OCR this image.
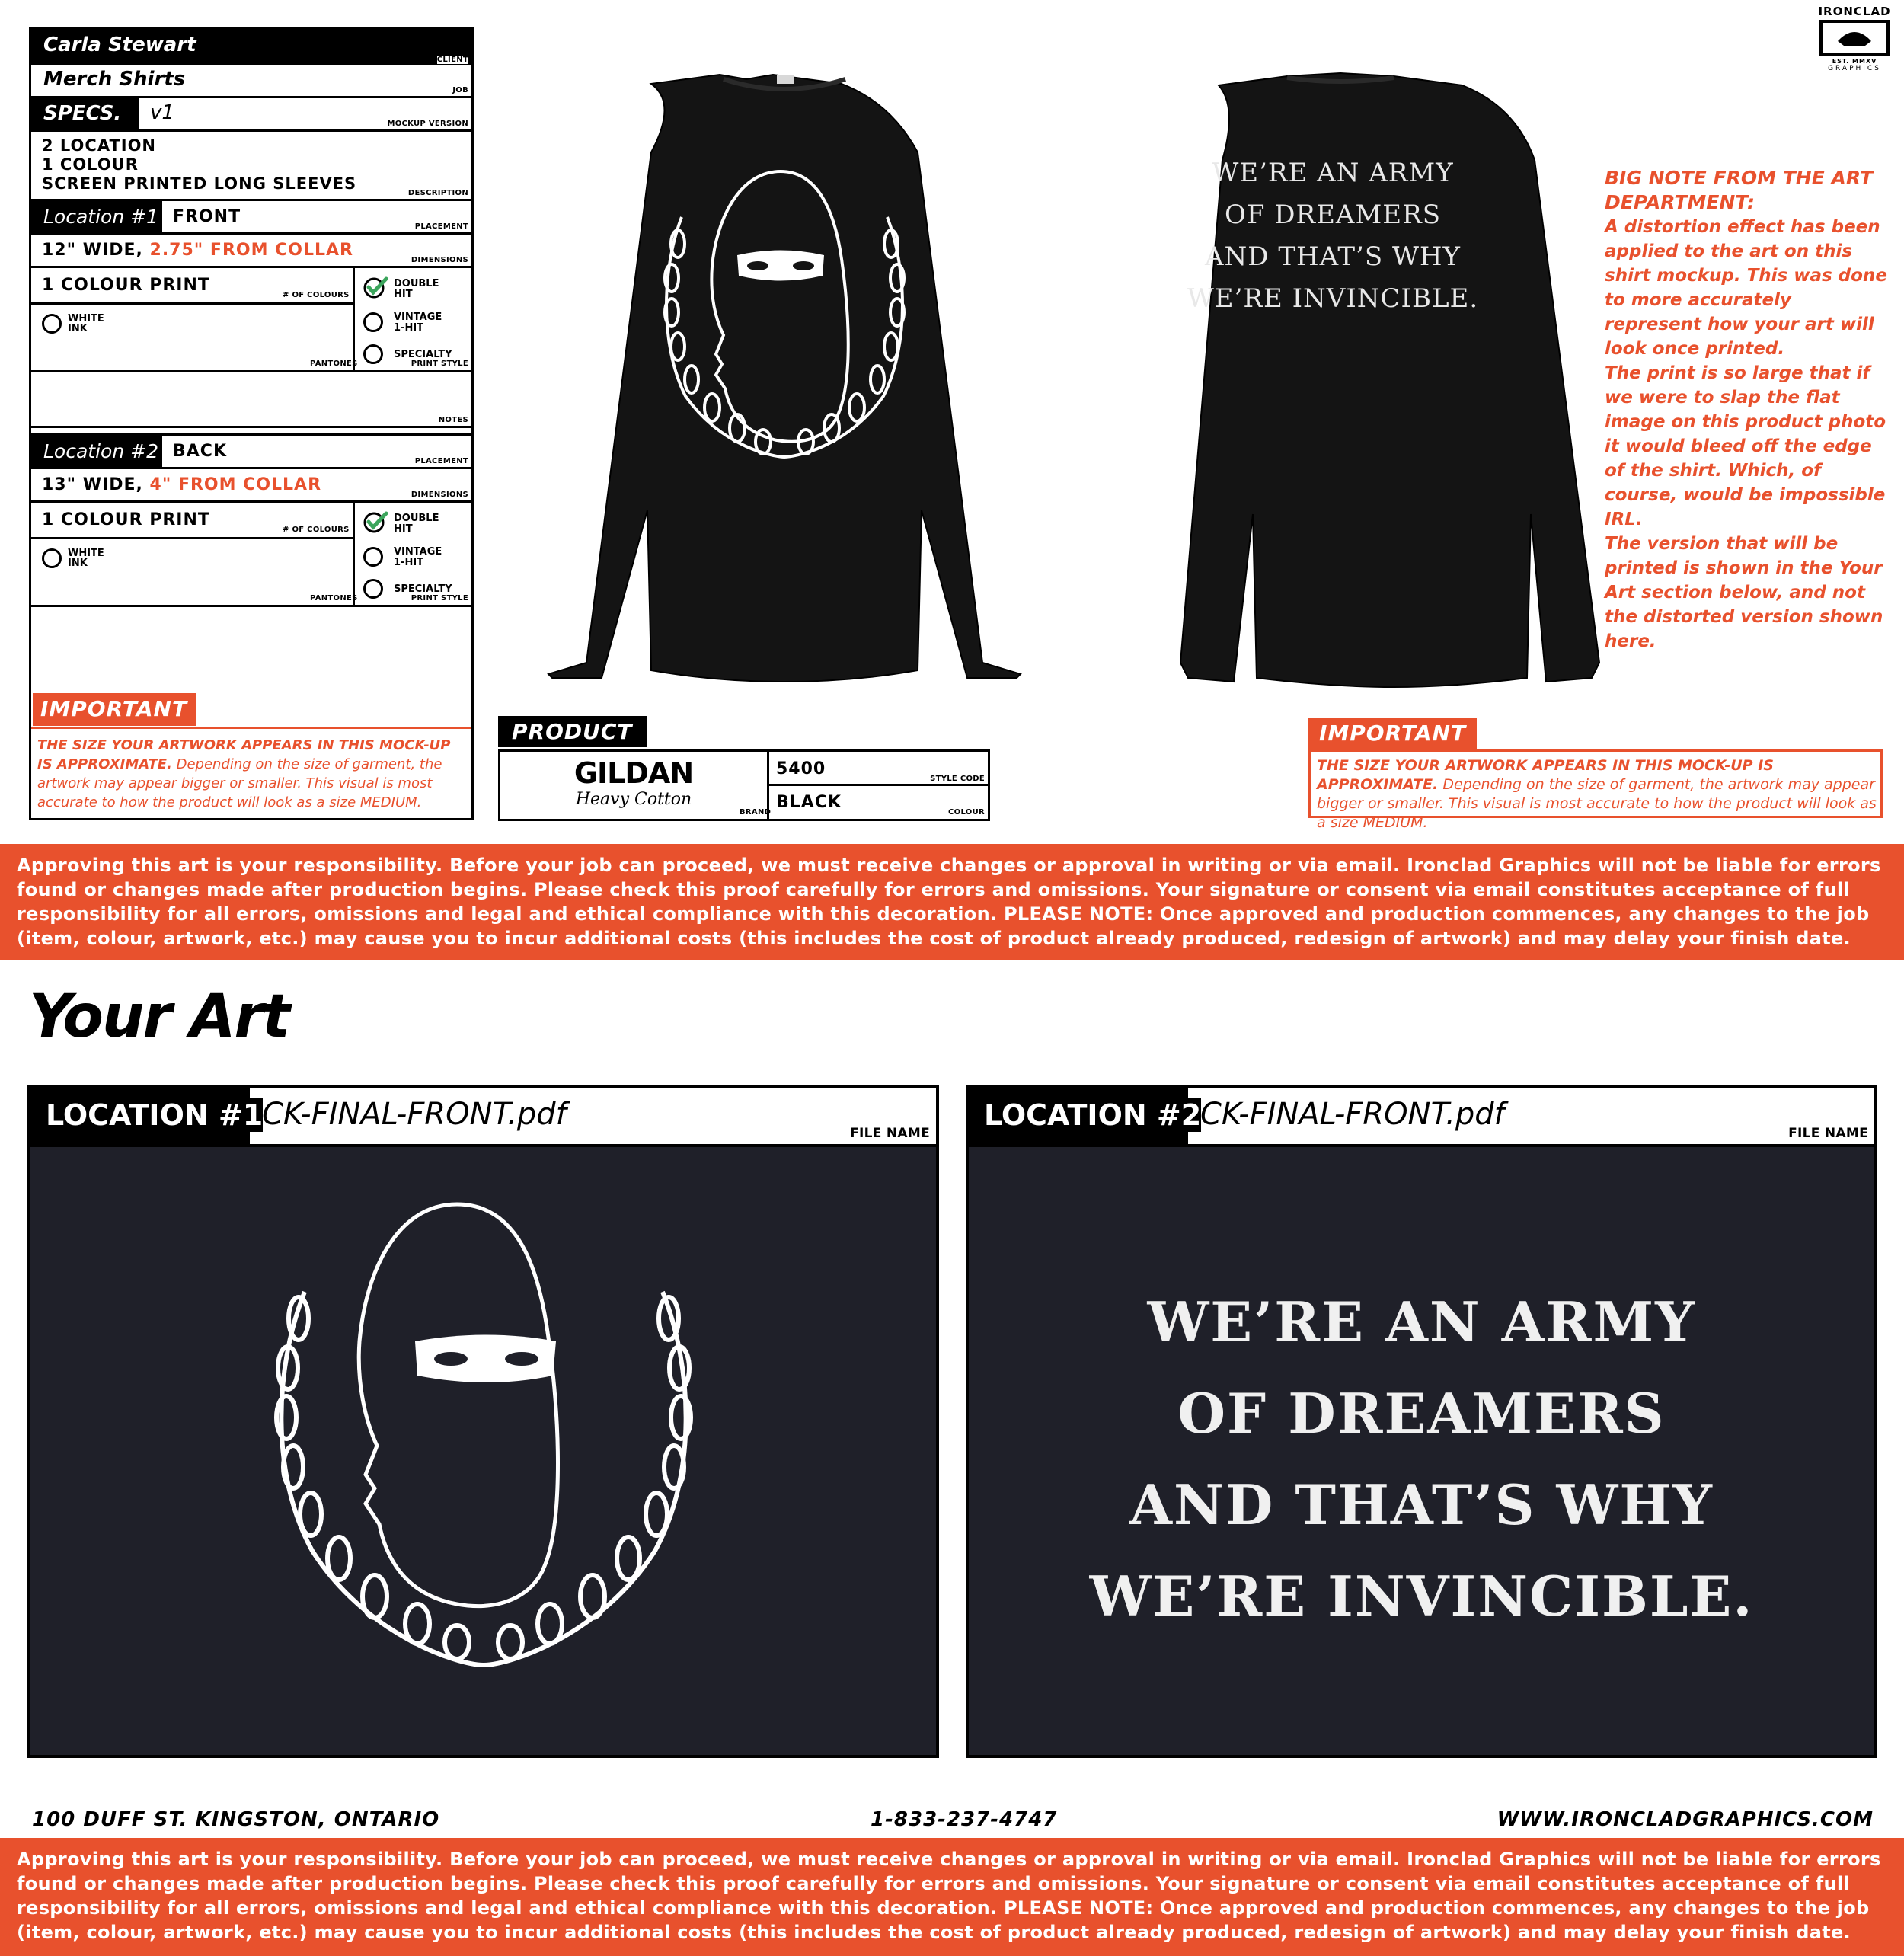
Carla Stewart
CLIENT
Merch Shirts	JOB
SPECS. v1	MOCKUP VERSION
2 LOCATION
1 COLOUR
SCREEN PRINTED LONG SLEEVES
DESCRIPTION
Location #1 FRONT
PLACEMENT
12" WIDE, 2.75" FROM COLLAR
DIMENSIONS
1 COLOUR PRINT
# OF COLOURS
WHITE INK
PANTONES
DOUBLE HIT
VINTAGE 1-HIT
SPECIALTY
PRINT STYLE
NOTES
Location #2 BACK
PLACEMENT
13" WIDE, 4" FROM COLLAR
DIMENSIONS
1 COLOUR PRINT
# OF COLOURS
WHITE INK
PANTONES
DOUBLE HIT
VINTAGE 1-HIT
SPECIALTY
PRINT STYLE
IMPORTANT
THE SIZE YOUR ARTWORK APPEARS IN THIS MOCK-UP IS APPROXIMATE. Depending on the size of garment, the artwork may appear bigger or smaller. This visual is most accurate to how the product will look as a size MEDIUM.
WE’RE AN ARMY
OF DREAMERS
AND THAT’S WHY
WE’RE INVINCIBLE.
BIG NOTE FROM THE ART DEPARTMENT:
A distortion effect has been applied to the art on this shirt mockup. This was done to more accurately represent how your art will look once printed.
The print is so large that if we were to slap the flat image on this product photo it would bleed off the edge of the shirt. Which, of course, would be impossible IRL.
The version that will be printed is shown in the Your Art section below, and not the distorted version shown here.
IRONCLAD
EST. MMXV
GRAPHICS
PRODUCT
GILDAN
Heavy Cotton
BRAND
5400
STYLE CODE
BLACK
COLOUR
IMPORTANT
THE SIZE YOUR ARTWORK APPEARS IN THIS MOCK-UP IS APPROXIMATE. Depending on the size of garment, the artwork may appear bigger or smaller. This visual is most accurate to how the product will look as a size MEDIUM.
Approving this art is your responsibility. Before your job can proceed, we must receive changes or approval in writing or via email. Ironclad Graphics will not be liable for errors found or changes made after production begins. Please check this proof carefully for errors and omissions. Your signature or consent via email constitutes acceptance of full responsibility for all errors, omissions and legal and ethical compliance with this decoration. PLEASE NOTE: Once approved and production commences, any changes to the job (item, colour, artwork, etc.) may cause you to incur additional costs (this includes the cost of product already produced, redesign of artwork) and may delay your finish date.
Your Art
LOCATION #1
CK-FINAL-FRONT.pdf
FILE NAME
LOCATION #2
CK-FINAL-FRONT.pdf
FILE NAME
WE’RE AN ARMY
OF DREAMERS
AND THAT’S WHY
WE’RE INVINCIBLE.
100 DUFF ST. KINGSTON, ONTARIO	1-833-237-4747	WWW.IRONCLADGRAPHICS.COM
Approving this art is your responsibility. Before your job can proceed, we must receive changes or approval in writing or via email. Ironclad Graphics will not be liable for errors found or changes made after production begins. Please check this proof carefully for errors and omissions. Your signature or consent via email constitutes acceptance of full responsibility for all errors, omissions and legal and ethical compliance with this decoration. PLEASE NOTE: Once approved and production commences, any changes to the job (item, colour, artwork, etc.) may cause you to incur additional costs (this includes the cost of product already produced, redesign of artwork) and may delay your finish date.
